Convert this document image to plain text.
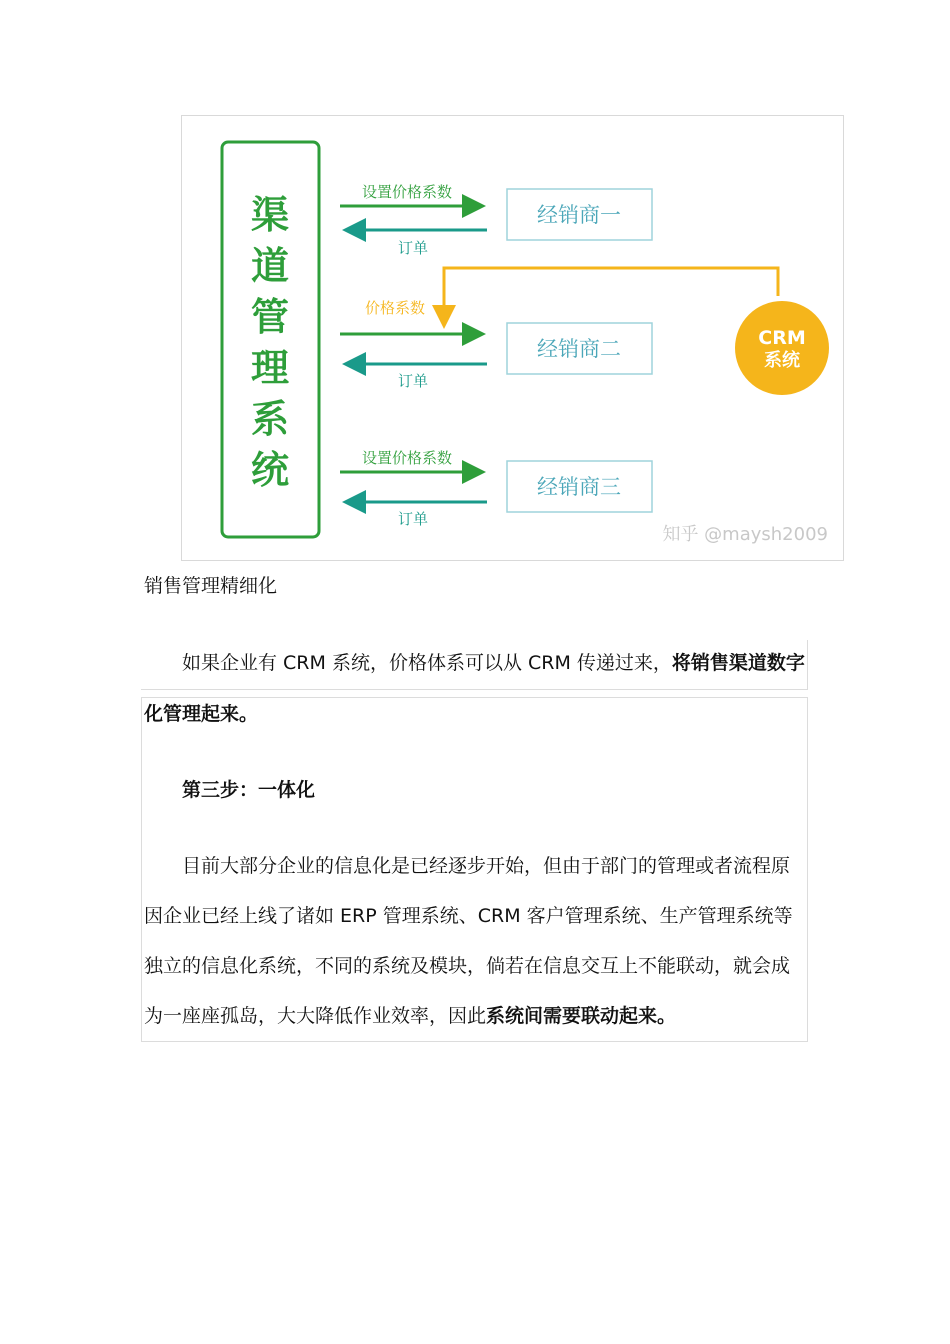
渠
道
管
理
系
统
设置价格系数
订单
经销商一
CRM
系统
价格系数
订单
经销商二
设置价格系数
订单
经销商三
知乎 @maysh2009
销售管理精细化
如果企业有 CRM 系统，价格体系可以从 CRM 传递过来，将销售渠道数字
化管理起来。
第三步：一体化
目前大部分企业的信息化是已经逐步开始，但由于部门的管理或者流程原
因企业已经上线了诸如 ERP 管理系统、CRM 客户管理系统、生产管理系统等
独立的信息化系统，不同的系统及模块，倘若在信息交互上不能联动，就会成
为一座座孤岛，大大降低作业效率，因此系统间需要联动起来。
